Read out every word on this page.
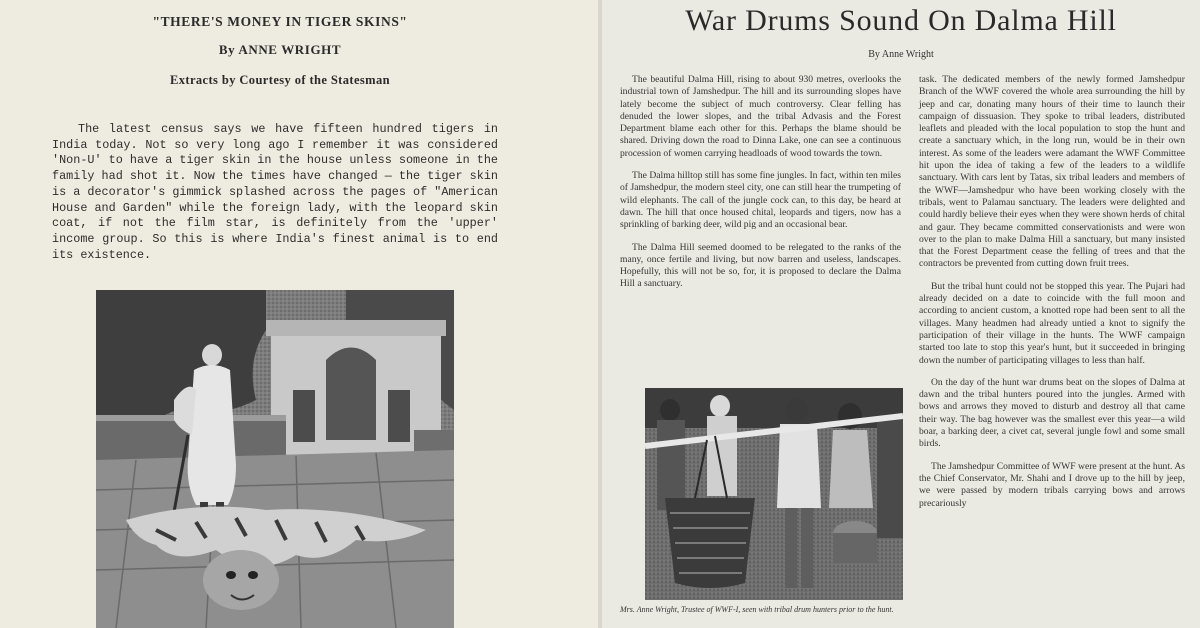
"THERE'S MONEY IN TIGER SKINS"
By ANNE WRIGHT
Extracts by Courtesy of the Statesman

The latest census says we have fifteen hundred tigers in India today. Not so very long ago I remember it was considered 'Non-U' to have a tiger skin in the house unless someone in the family had shot it. Now the times have changed — the tiger skin is a decorator's gimmick splashed across the pages of "American House and Garden" while the foreign lady, with the leopard skin coat, if not the film star, is definitely from the 'upper' income group. So this is where India's finest animal is to end its existence.

War Drums Sound On Dalma Hill
By Anne Wright

The beautiful Dalma Hill, rising to about 930 metres, overlooks the industrial town of Jamshedpur. The hill and its surrounding slopes have lately become the subject of much controversy. Clear felling has denuded the lower slopes, and the tribal Advasis and the Forest Department blame each other for this. Perhaps the blame should be shared. Driving down the road to Dinna Lake, one can see a continuous procession of women carrying headloads of wood towards the town.

The Dalma hilltop still has some fine jungles. In fact, within ten miles of Jamshedpur, the modern steel city, one can still hear the trumpeting of wild elephants. The call of the jungle cock can, to this day, be heard at dawn. The hill that once housed chital, leopards and tigers, now has a sprinkling of barking deer, wild pig and an occasional bear.

The Dalma Hill seemed doomed to be relegated to the ranks of the many, once fertile and living, but now barren and useless, landscapes. Hopefully, this will not be so, for, it is proposed to declare the Dalma Hill a sanctuary.

Mrs. Anne Wright, Trustee of WWF-I, seen with tribal drum hunters prior to the hunt.

task. The dedicated members of the newly formed Jamshedpur Branch of the WWF covered the whole area surrounding the hill by jeep and car, donating many hours of their time to launch their campaign of dissuasion. They spoke to tribal leaders, distributed leaflets and pleaded with the local population to stop the hunt and create a sanctuary which, in the long run, would be in their own interest. As some of the leaders were adamant the WWF Committee hit upon the idea of taking a few of the leaders to a wildlife sanctuary. With cars lent by Tatas, six tribal leaders and members of the WWF—Jamshedpur who have been working closely with the tribals, went to Palamau sanctuary. The leaders were delighted and could hardly believe their eyes when they were shown herds of chital and gaur. They became committed conservationists and were won over to the plan to make Dalma Hill a sanctuary, but many insisted that the Forest Department cease the felling of trees and that the contractors be prevented from cutting down fruit trees.

But the tribal hunt could not be stopped this year. The Pujari had already decided on a date to coincide with the full moon and according to ancient custom, a knotted rope had been sent to all the villages. Many headmen had already untied a knot to signify the participation of their village in the hunts. The WWF campaign started too late to stop this year's hunt, but it succeeded in bringing down the number of participating villages to less than half.

On the day of the hunt war drums beat on the slopes of Dalma at dawn and the tribal hunters poured into the jungles. Armed with bows and arrows they moved to disturb and destroy all that came their way. The bag however was the smallest ever this year—a wild boar, a barking deer, a civet cat, several jungle fowl and some small birds.

The Jamshedpur Committee of WWF were present at the hunt. As the Chief Conservator, Mr. Shahi and I drove up to the hill by jeep, we were passed by modern tribals carrying bows and arrows precariously
